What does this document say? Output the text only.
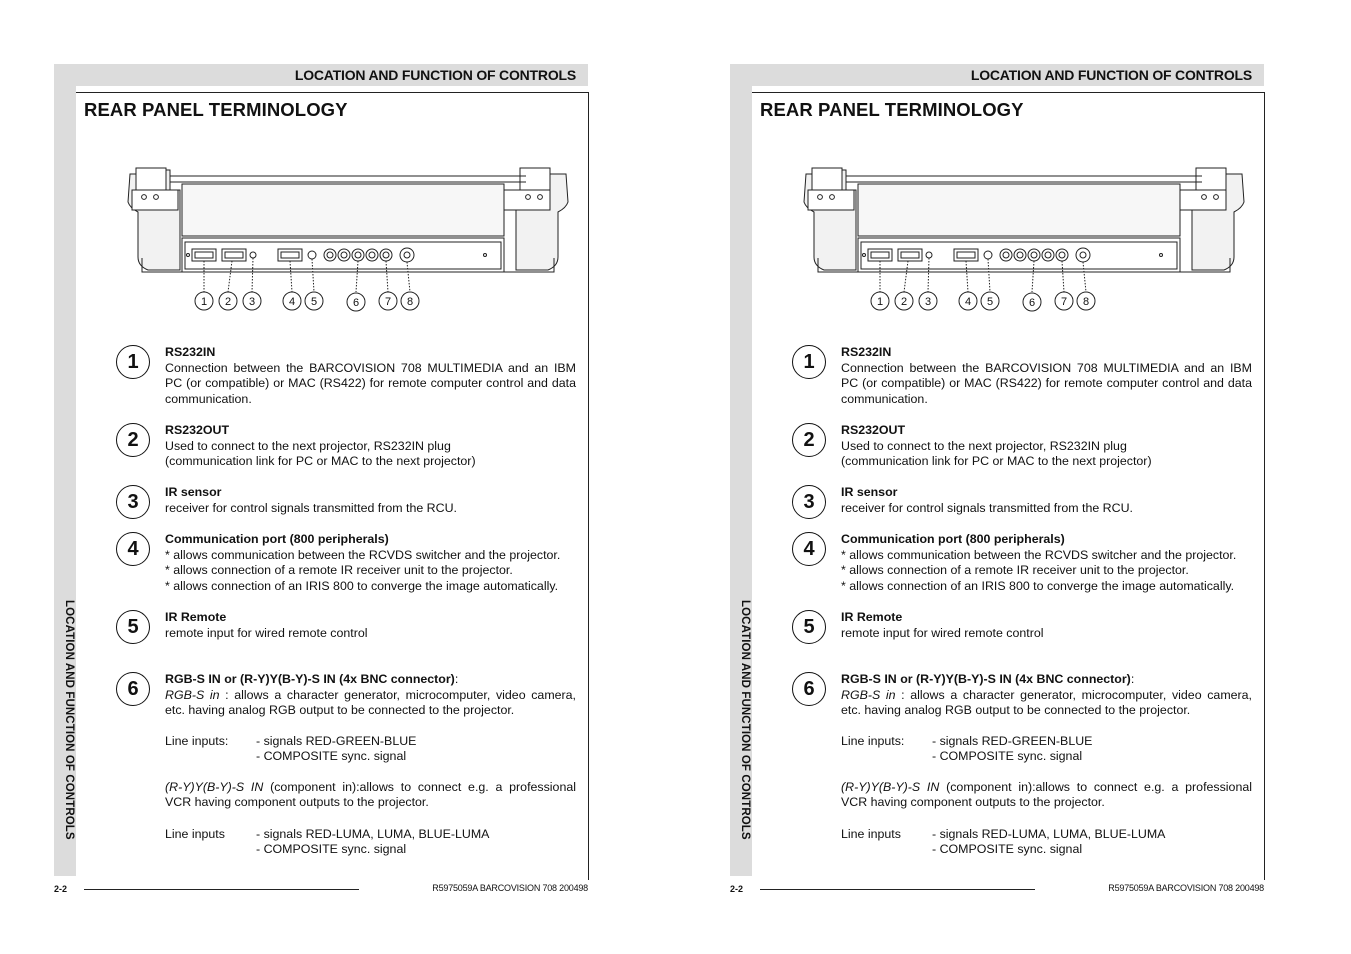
LOCATION AND FUNCTION OF CONTROLS
LOCATION AND FUNCTION OF CONTROLS
REAR PANEL TERMINOLOGY
1 2 3	4 5	6 7 8
1	RS232IN
Connection between the BARCOVISION 708 MULTIMEDIA and an IBM PC (or compatible) or MAC (RS422) for remote computer control and data communication.
2	RS232OUT
Used to connect to the next projector, RS232IN plug
(communication link for PC or MAC to the next projector)
3	IR sensor
receiver for control signals transmitted from the RCU.
4	Communication port (800 peripherals)
* allows communication between the RCVDS switcher and the projector.
* allows connection of a remote IR receiver unit to the projector.
* allows connection of an IRIS 800 to converge the image automatically.
5	IR Remote
remote input for wired remote control
6	RGB-S IN or (R-Y)Y(B-Y)-S IN (4x BNC connector):
RGB-S in : allows a character generator, microcomputer, video camera, etc. having analog RGB output to be connected to the projector.
Line inputs:	- signals RED-GREEN-BLUE
- COMPOSITE sync. signal
(R-Y)Y(B-Y)-S IN (component in):allows to connect e.g. a professional VCR having component outputs to the projector.
Line inputs	- signals RED-LUMA, LUMA, BLUE-LUMA
- COMPOSITE sync. signal
2-2	R5975059A BARCOVISION 708 200498
LOCATION AND FUNCTION OF CONTROLS
LOCATION AND FUNCTION OF CONTROLS
REAR PANEL TERMINOLOGY
1 2 3	4 5	6 7 8
1	RS232IN
Connection between the BARCOVISION 708 MULTIMEDIA and an IBM PC (or compatible) or MAC (RS422) for remote computer control and data communication.
2	RS232OUT
Used to connect to the next projector, RS232IN plug
(communication link for PC or MAC to the next projector)
3	IR sensor
receiver for control signals transmitted from the RCU.
4	Communication port (800 peripherals)
* allows communication between the RCVDS switcher and the projector.
* allows connection of a remote IR receiver unit to the projector.
* allows connection of an IRIS 800 to converge the image automatically.
5	IR Remote
remote input for wired remote control
6	RGB-S IN or (R-Y)Y(B-Y)-S IN (4x BNC connector):
RGB-S in : allows a character generator, microcomputer, video camera, etc. having analog RGB output to be connected to the projector.
Line inputs:	- signals RED-GREEN-BLUE
- COMPOSITE sync. signal
(R-Y)Y(B-Y)-S IN (component in):allows to connect e.g. a professional VCR having component outputs to the projector.
Line inputs	- signals RED-LUMA, LUMA, BLUE-LUMA
- COMPOSITE sync. signal
2-2	R5975059A BARCOVISION 708 200498
